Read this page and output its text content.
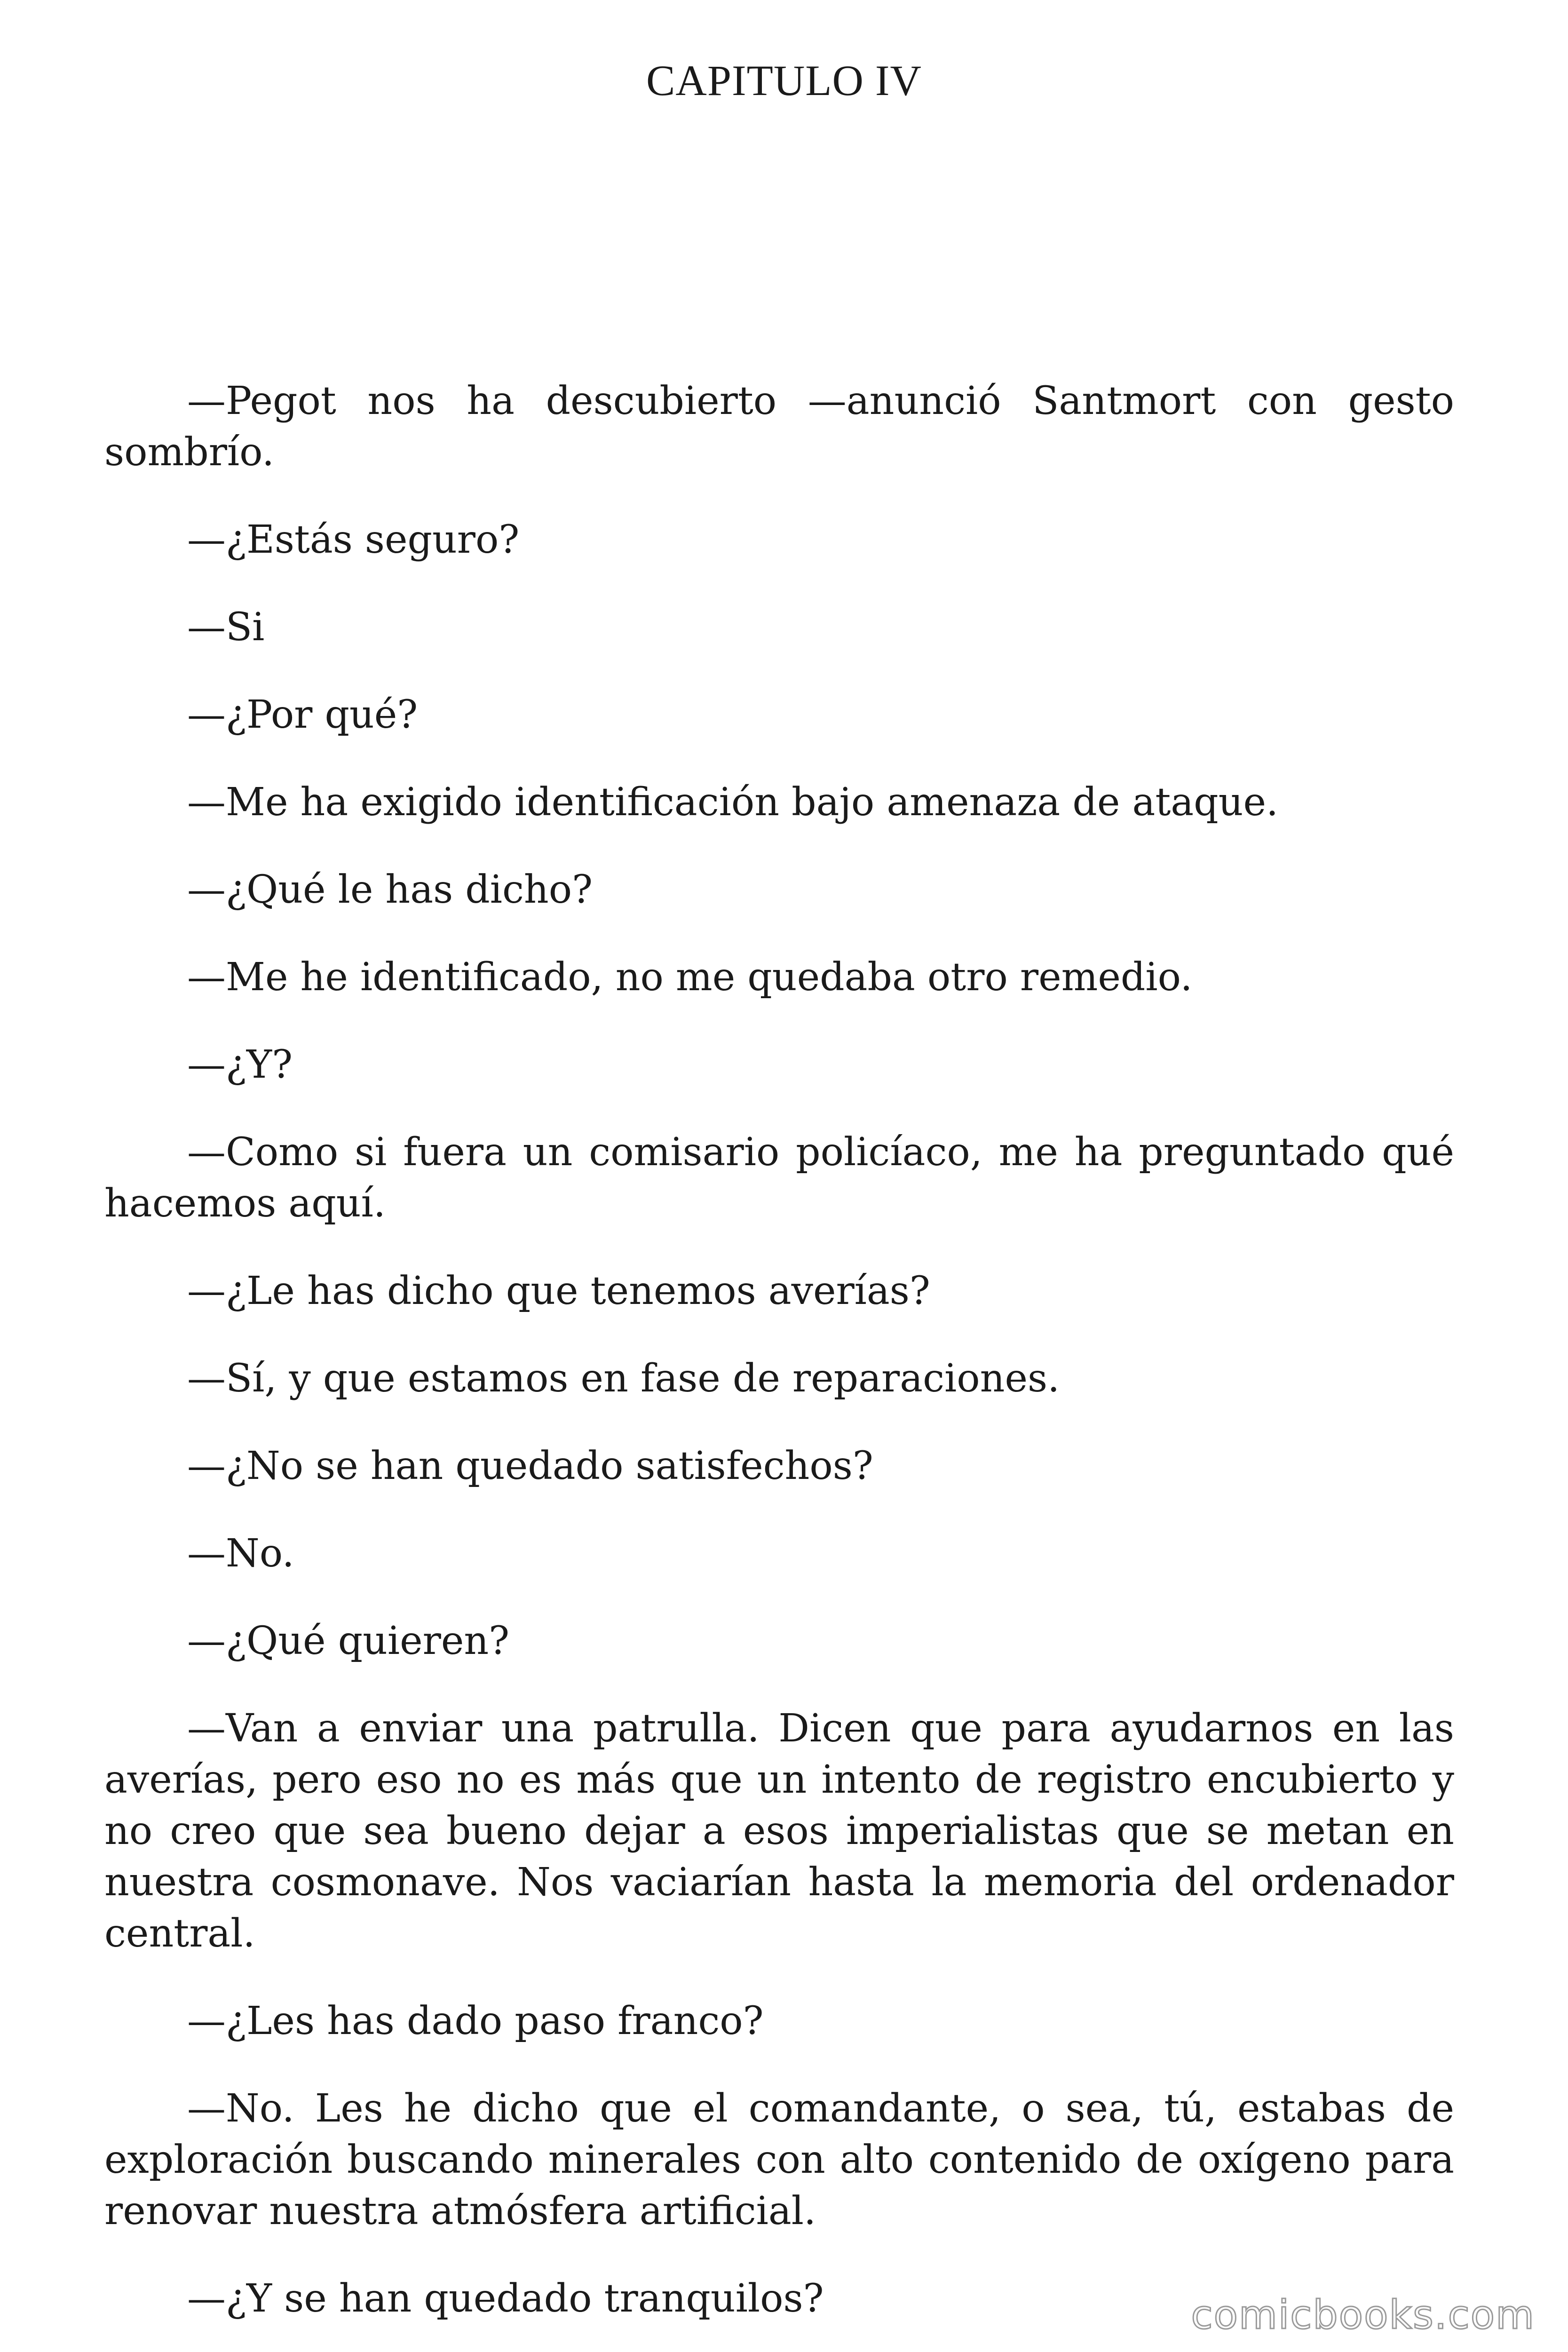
CAPITULO IV

—Pegot nos ha descubierto —anunció Santmort con gesto sombrío.

—¿Estás seguro?

—Si

—¿Por qué?

—Me ha exigido identificación bajo amenaza de ataque.

—¿Qué le has dicho?

—Me he identificado, no me quedaba otro remedio.

—¿Y?

—Como si fuera un comisario policíaco, me ha preguntado qué hacemos aquí.

—¿Le has dicho que tenemos averías?

—Sí, y que estamos en fase de reparaciones.

—¿No se han quedado satisfechos?

—No.

—¿Qué quieren?

—Van a enviar una patrulla. Dicen que para ayudarnos en las averías, pero eso no es más que un intento de registro encubierto y no creo que sea bueno dejar a esos imperialistas que se metan en nuestra cosmonave. Nos vaciarían hasta la memoria del ordenador central.

—¿Les has dado paso franco?

—No. Les he dicho que el comandante, o sea, tú, estabas de exploración buscando minerales con alto contenido de oxígeno para renovar nuestra atmósfera artificial.

—¿Y se han quedado tranquilos?	comicbooks.com
